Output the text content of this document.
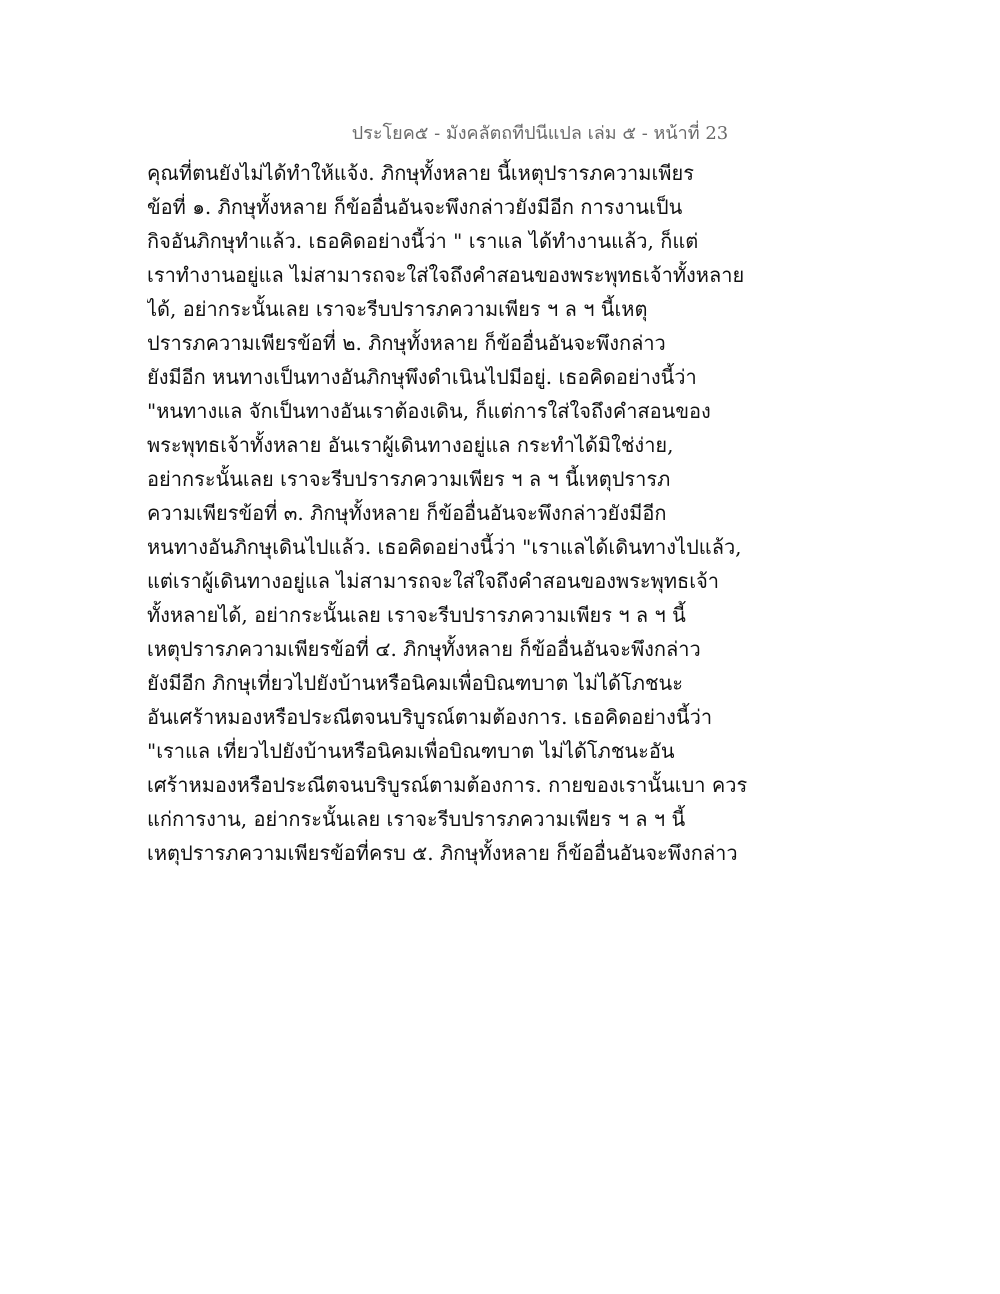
ประโยค๕ - มังคลัตถทีปนีแปล เล่ม ๕ - หน้าที่ 23
คุณที่ตนยังไม่ได้ทำให้แจ้ง. ภิกษุทั้งหลาย นี้เหตุปรารภความเพียร
ข้อที่ ๑. ภิกษุทั้งหลาย ก็ข้ออื่นอันจะพึงกล่าวยังมีอีก การงานเป็น
กิจอันภิกษุทำแล้ว. เธอคิดอย่างนี้ว่า " เราแล ได้ทำงานแล้ว, ก็แต่
เราทำงานอยู่แล ไม่สามารถจะใส่ใจถึงคำสอนของพระพุทธเจ้าทั้งหลาย
ได้, อย่ากระนั้นเลย เราจะรีบปรารภความเพียร ฯ ล ฯ นี้เหตุ
ปรารภความเพียรข้อที่ ๒. ภิกษุทั้งหลาย ก็ข้ออื่นอันจะพึงกล่าว
ยังมีอีก หนทางเป็นทางอันภิกษุพึงดำเนินไปมีอยู่. เธอคิดอย่างนี้ว่า
"หนทางแล จักเป็นทางอันเราต้องเดิน, ก็แต่การใส่ใจถึงคำสอนของ
พระพุทธเจ้าทั้งหลาย อันเราผู้เดินทางอยู่แล กระทำได้มิใช่ง่าย,
อย่ากระนั้นเลย เราจะรีบปรารภความเพียร ฯ ล ฯ นี้เหตุปรารภ
ความเพียรข้อที่ ๓. ภิกษุทั้งหลาย ก็ข้ออื่นอันจะพึงกล่าวยังมีอีก
หนทางอันภิกษุเดินไปแล้ว. เธอคิดอย่างนี้ว่า "เราแลได้เดินทางไปแล้ว,
แต่เราผู้เดินทางอยู่แล ไม่สามารถจะใส่ใจถึงคำสอนของพระพุทธเจ้า
ทั้งหลายได้, อย่ากระนั้นเลย เราจะรีบปรารภความเพียร ฯ ล ฯ นี้
เหตุปรารภความเพียรข้อที่ ๔. ภิกษุทั้งหลาย ก็ข้ออื่นอันจะพึงกล่าว
ยังมีอีก ภิกษุเที่ยวไปยังบ้านหรือนิคมเพื่อบิณฑบาต ไม่ได้โภชนะ
อันเศร้าหมองหรือประณีตจนบริบูรณ์ตามต้องการ. เธอคิดอย่างนี้ว่า
"เราแล เที่ยวไปยังบ้านหรือนิคมเพื่อบิณฑบาต ไม่ได้โภชนะอัน
เศร้าหมองหรือประณีตจนบริบูรณ์ตามต้องการ. กายของเรานั้นเบา ควร
แก่การงาน, อย่ากระนั้นเลย เราจะรีบปรารภความเพียร ฯ ล ฯ นี้
เหตุปรารภความเพียรข้อที่ครบ ๕. ภิกษุทั้งหลาย ก็ข้ออื่นอันจะพึงกล่าว
